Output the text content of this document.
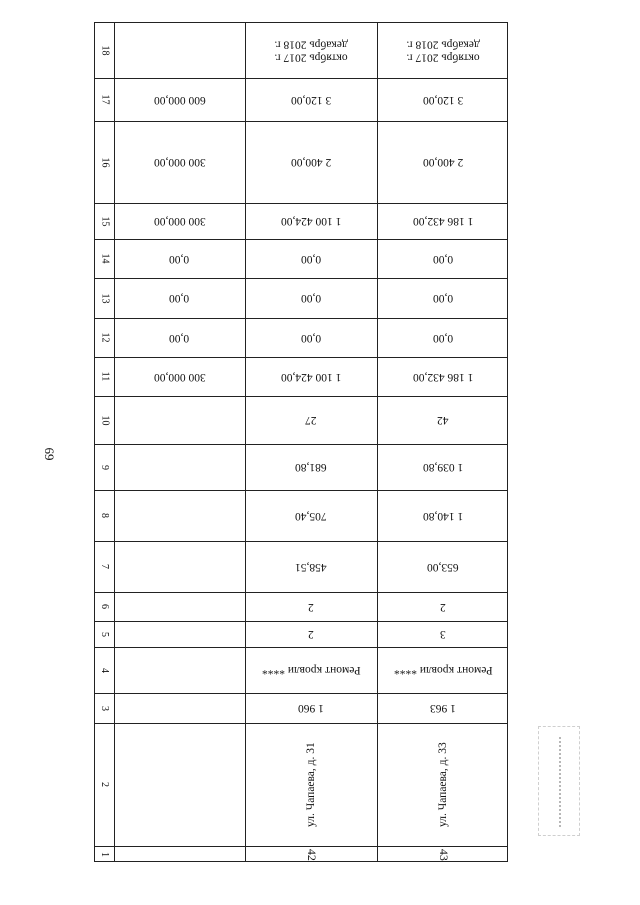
69
18
17
16
15
14
13
12
11
10
9
8
7
6
5
4
3
2
1
600 000,00
300 000,00
300 000,00
0,00
0,00
0,00
300 000,00
октябрь 2017 г. декабрь 2018 г.
3 120,00
2 400,00
1 100 424,00
0,00
0,00
0,00
1 100 424,00
27
681,80
705,40
458,51
2
2
Ремонт кровли ****
1 960
ул. Чапаева, д. 31
42
октябрь 2017 г. декабрь 2018 г.
3 120,00
2 400,00
1 186 432,00
0,00
0,00
0,00
1 186 432,00
42
1 039,80
1 140,80
653,00
2
3
Ремонт кровли ****
1 963
ул. Чапаева, д. 33
43
